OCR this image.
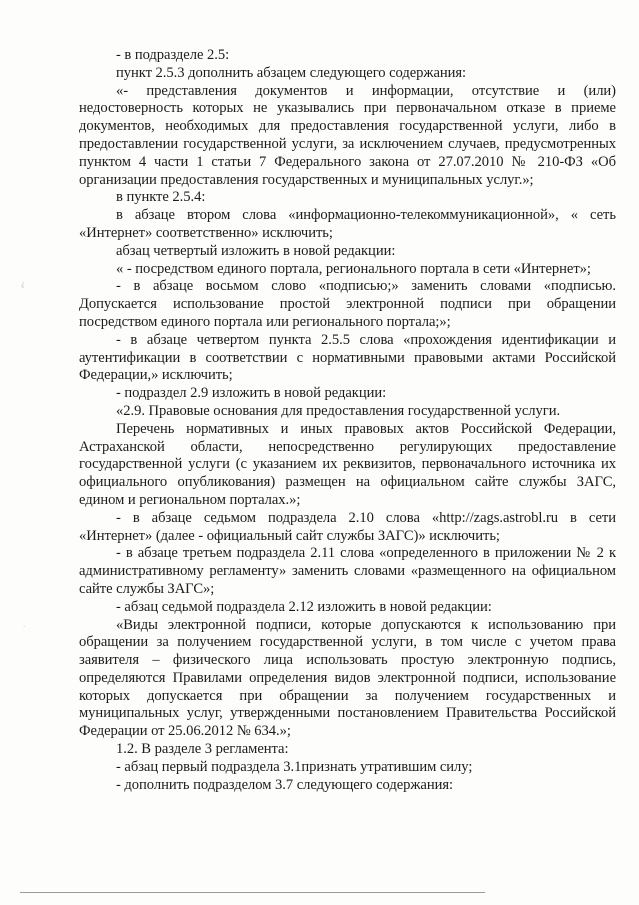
- в подразделе 2.5:

пункт 2.5.3 дополнить абзацем следующего содержания:

«- представления документов и информации, отсутствие и (или) недостоверность которых не указывались при первоначальном отказе в приеме документов, необходимых для предоставления государственной услуги, либо в предоставлении государственной услуги, за исключением случаев, предусмотренных пунктом 4 части 1 статьи 7 Федерального закона от 27.07.2010 № 210-ФЗ «Об организации предоставления государственных и муниципальных услуг.»;

в пункте 2.5.4:

в абзаце втором слова «информационно-телекоммуникационной», « сеть «Интернет» соответственно» исключить;

абзац четвертый изложить в новой редакции:

« - посредством единого портала, регионального портала в сети «Интернет»;

- в абзаце восьмом слово «подписью;» заменить словами «подписью. Допускается использование простой электронной подписи при обращении посредством единого портала или регионального портала;»;

- в абзаце четвертом пункта 2.5.5 слова «прохождения идентификации и аутентификации в соответствии с нормативными правовыми актами Российской Федерации,» исключить;

- подраздел 2.9 изложить в новой редакции:

«2.9. Правовые основания для предоставления государственной услуги.

Перечень нормативных и иных правовых актов Российской Федерации, Астраханской области, непосредственно регулирующих предоставление государственной услуги (с указанием их реквизитов, первоначального источника их официального опубликования) размещен на официальном сайте службы ЗАГС, едином и региональном порталах.»;

- в абзаце седьмом подраздела 2.10 слова «http://zags.astrobl.ru в сети «Интернет» (далее - официальный сайт службы ЗАГС)» исключить;

- в абзаце третьем подраздела 2.11 слова «определенного в приложении № 2 к административному регламенту» заменить словами «размещенного на официальном сайте службы ЗАГС»;

- абзац седьмой подраздела 2.12 изложить в новой редакции:

«Виды электронной подписи, которые допускаются к использованию при обращении за получением государственной услуги, в том числе с учетом права заявителя – физического лица использовать простую электронную подпись, определяются Правилами определения видов электронной подписи, использование которых допускается при обращении за получением государственных и муниципальных услуг, утвержденными постановлением Правительства Российской Федерации от 25.06.2012 № 634.»;

1.2. В разделе 3 регламента:

- абзац первый подраздела 3.1признать утратившим силу;

- дополнить подразделом 3.7 следующего содержания:

¿
·
